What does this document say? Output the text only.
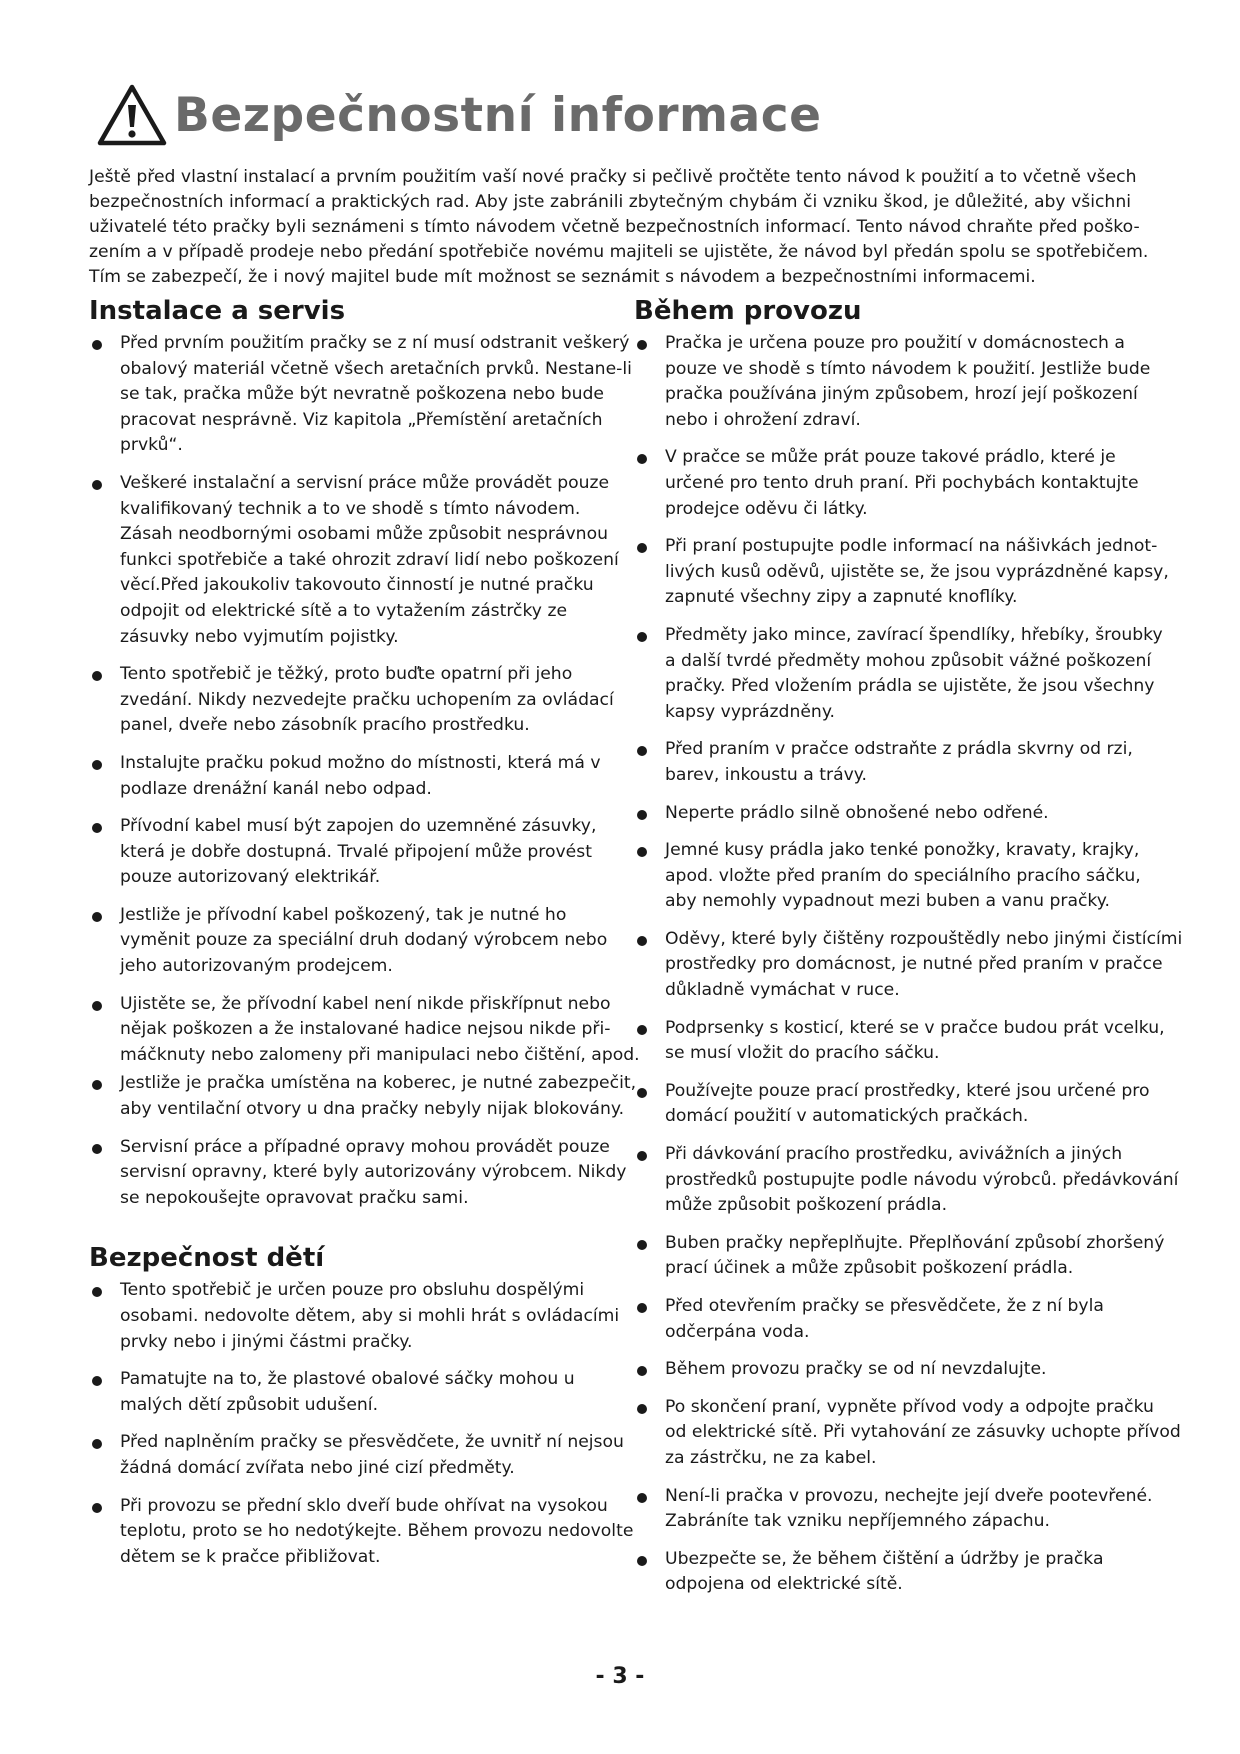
Bezpečnostní informace
Ještě před vlastní instalací a prvním použitím vaší nové pračky si pečlivě pročtěte tento návod k použití a to včetně všech
bezpečnostních informací a praktických rad. Aby jste zabránili zbytečným chybám či vzniku škod, je důležité, aby všichni
uživatelé této pračky byli seznámeni s tímto návodem včetně bezpečnostních informací. Tento návod chraňte před poško-
zením a v případě prodeje nebo předání spotřebiče novému majiteli se ujistěte, že návod byl předán spolu se spotřebičem.
Tím se zabezpečí, že i nový majitel bude mít možnost se seznámit s návodem a bezpečnostními informacemi.
Instalace a servis
Před prvním použitím pračky se z ní musí odstranit veškerý
obalový materiál včetně všech aretačních prvků. Nestane-li
se tak, pračka může být nevratně poškozena nebo bude
pracovat nesprávně. Viz kapitola „Přemístění aretačních
prvků“.
Veškeré instalační a servisní práce může provádět pouze
kvalifikovaný technik a to ve shodě s tímto návodem.
Zásah neodbornými osobami může způsobit nesprávnou
funkci spotřebiče a také ohrozit zdraví lidí nebo poškození
věcí.Před jakoukoliv takovouto činností je nutné pračku
odpojit od elektrické sítě a to vytažením zástrčky ze
zásuvky nebo vyjmutím pojistky.
Tento spotřebič je těžký, proto buďte opatrní při jeho
zvedání. Nikdy nezvedejte pračku uchopením za ovládací
panel, dveře nebo zásobník pracího prostředku.
Instalujte pračku pokud možno do místnosti, která má v
podlaze drenážní kanál nebo odpad.
Přívodní kabel musí být zapojen do uzemněné zásuvky,
která je dobře dostupná. Trvalé připojení může provést
pouze autorizovaný elektrikář.
Jestliže je přívodní kabel poškozený, tak je nutné ho
vyměnit pouze za speciální druh dodaný výrobcem nebo
jeho autorizovaným prodejcem.
Ujistěte se, že přívodní kabel není nikde přiskřípnut nebo
nějak poškozen a že instalované hadice nejsou nikde při-
máčknuty nebo zalomeny při manipulaci nebo čištění, apod.
Jestliže je pračka umístěna na koberec, je nutné zabezpečit,
aby ventilační otvory u dna pračky nebyly nijak blokovány.
Servisní práce a případné opravy mohou provádět pouze
servisní opravny, které byly autorizovány výrobcem. Nikdy
se nepokoušejte opravovat pračku sami.
Bezpečnost dětí
Tento spotřebič je určen pouze pro obsluhu dospělými
osobami. nedovolte dětem, aby si mohli hrát s ovládacími
prvky nebo i jinými částmi pračky.
Pamatujte na to, že plastové obalové sáčky mohou u
malých dětí způsobit udušení.
Před naplněním pračky se přesvědčete, že uvnitř ní nejsou
žádná domácí zvířata nebo jiné cizí předměty.
Při provozu se přední sklo dveří bude ohřívat na vysokou
teplotu, proto se ho nedotýkejte. Během provozu nedovolte
dětem se k pračce přibližovat.
Během provozu
Pračka je určena pouze pro použití v domácnostech a
pouze ve shodě s tímto návodem k použití. Jestliže bude
pračka používána jiným způsobem, hrozí její poškození
nebo i ohrožení zdraví.
V pračce se může prát pouze takové prádlo, které je
určené pro tento druh praní. Při pochybách kontaktujte
prodejce oděvu či látky.
Při praní postupujte podle informací na nášivkách jednot-
livých kusů oděvů, ujistěte se, že jsou vyprázdněné kapsy,
zapnuté všechny zipy a zapnuté knoflíky.
Předměty jako mince, zavírací špendlíky, hřebíky, šroubky
a další tvrdé předměty mohou způsobit vážné poškození
pračky. Před vložením prádla se ujistěte, že jsou všechny
kapsy vyprázdněny.
Před praním v pračce odstraňte z prádla skvrny od rzi,
barev, inkoustu a trávy.
Neperte prádlo silně obnošené nebo odřené.
Jemné kusy prádla jako tenké ponožky, kravaty, krajky,
apod. vložte před praním do speciálního pracího sáčku,
aby nemohly vypadnout mezi buben a vanu pračky.
Oděvy, které byly čištěny rozpouštědly nebo jinými čistícími
prostředky pro domácnost, je nutné před praním v pračce
důkladně vymáchat v ruce.
Podprsenky s kosticí, které se v pračce budou prát vcelku,
se musí vložit do pracího sáčku.
Používejte pouze prací prostředky, které jsou určené pro
domácí použití v automatických pračkách.
Při dávkování pracího prostředku, avivážních a jiných
prostředků postupujte podle návodu výrobců. předávkování
může způsobit poškození prádla.
Buben pračky nepřeplňujte. Přeplňování způsobí zhoršený
prací účinek a může způsobit poškození prádla.
Před otevřením pračky se přesvědčete, že z ní byla
odčerpána voda.
Během provozu pračky se od ní nevzdalujte.
Po skončení praní, vypněte přívod vody a odpojte pračku
od elektrické sítě. Při vytahování ze zásuvky uchopte přívod
za zástrčku, ne za kabel.
Není-li pračka v provozu, nechejte její dveře pootevřené.
Zabráníte tak vzniku nepříjemného zápachu.
Ubezpečte se, že během čištění a údržby je pračka
odpojena od elektrické sítě.
- 3 -
